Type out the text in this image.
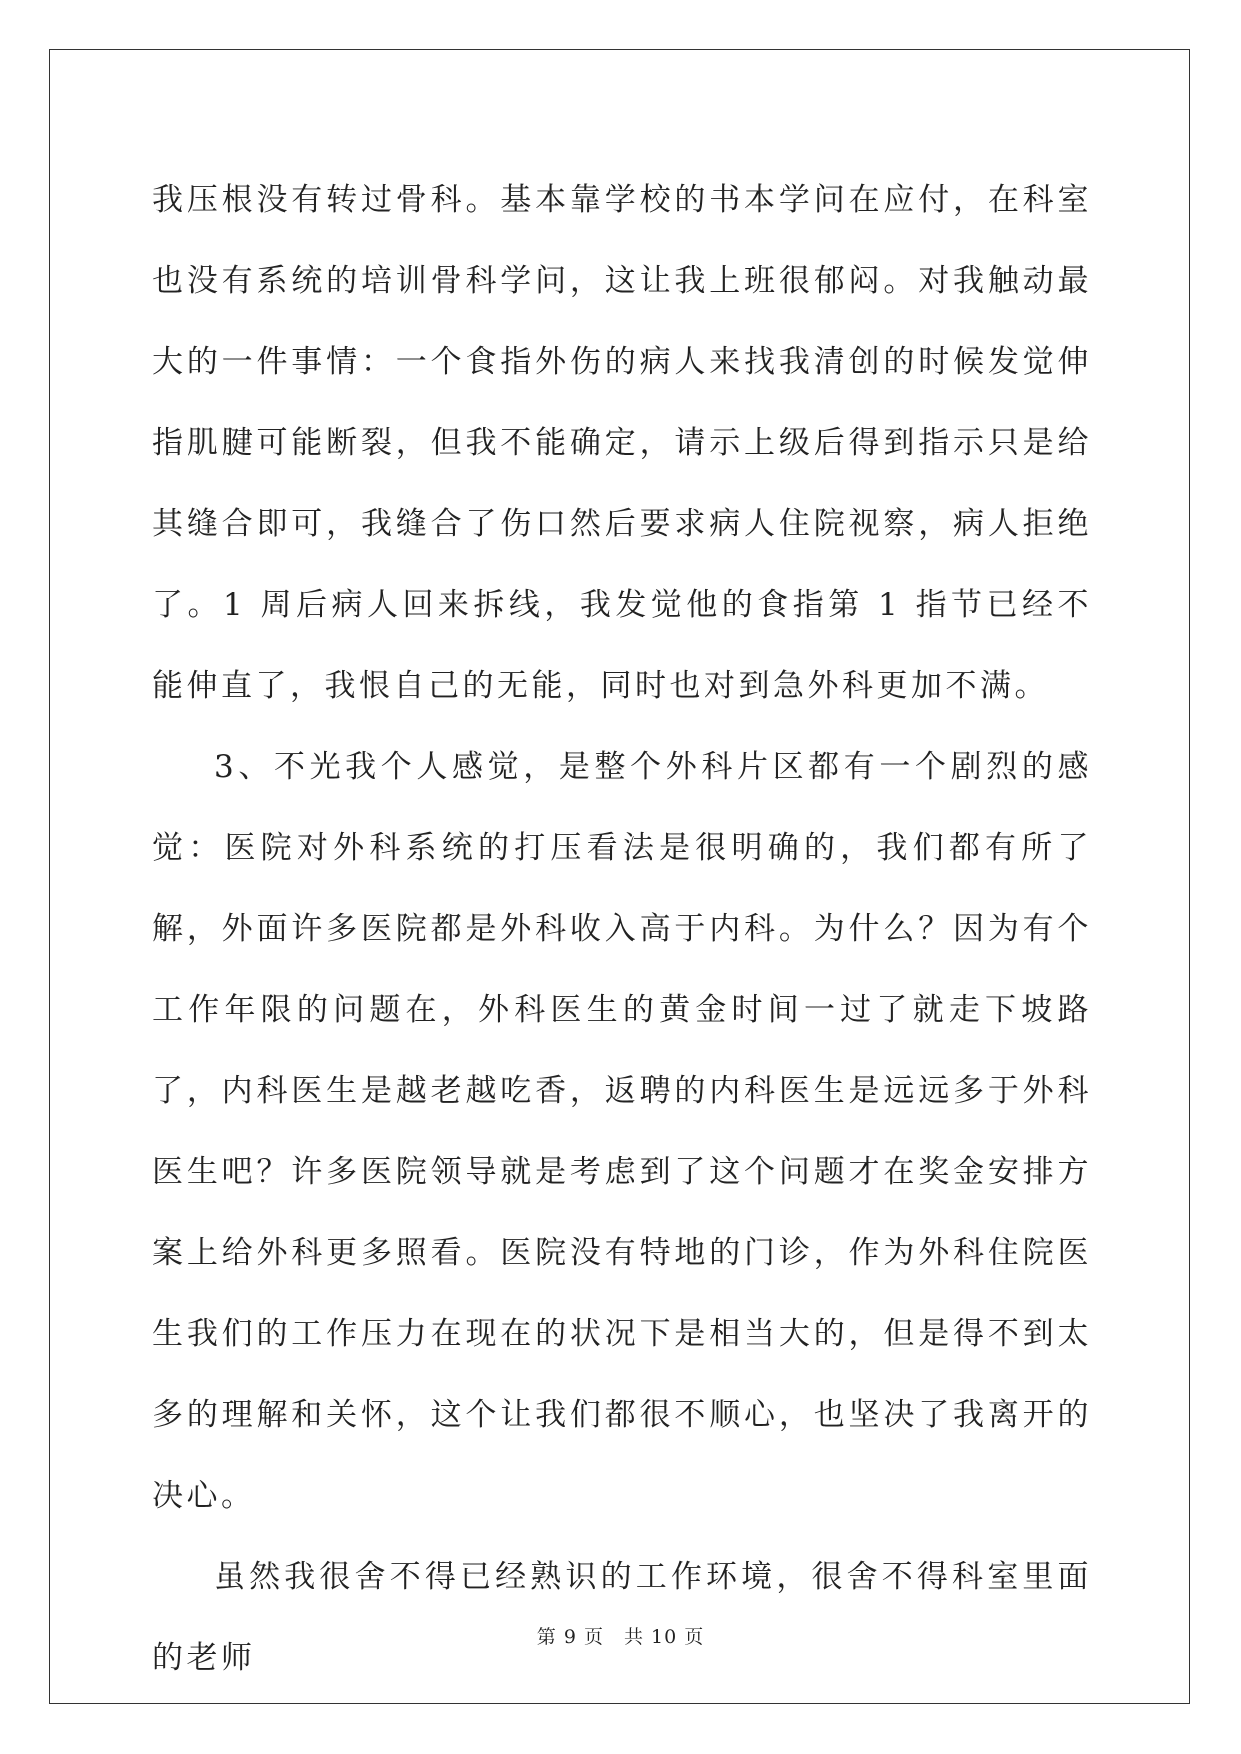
我压根没有转过骨科。基本靠学校的书本学问在应付，在科室也没有系统的培训骨科学问，这让我上班很郁闷。对我触动最大的一件事情：一个食指外伤的病人来找我清创的时候发觉伸指肌腱可能断裂，但我不能确定，请示上级后得到指示只是给其缝合即可，我缝合了伤口然后要求病人住院视察，病人拒绝了。1 周后病人回来拆线，我发觉他的食指第 1 指节已经不能伸直了，我恨自己的无能，同时也对到急外科更加不满。

3、不光我个人感觉，是整个外科片区都有一个剧烈的感觉：医院对外科系统的打压看法是很明确的，我们都有所了解，外面许多医院都是外科收入高于内科。为什么？因为有个工作年限的问题在，外科医生的黄金时间一过了就走下坡路了，内科医生是越老越吃香，返聘的内科医生是远远多于外科医生吧？许多医院领导就是考虑到了这个问题才在奖金安排方案上给外科更多照看。医院没有特地的门诊，作为外科住院医生我们的工作压力在现在的状况下是相当大的，但是得不到太多的理解和关怀，这个让我们都很不顺心，也坚决了我离开的决心。

虽然我很舍不得已经熟识的工作环境，很舍不得科室里面的老师

第 9 页　共 10 页
